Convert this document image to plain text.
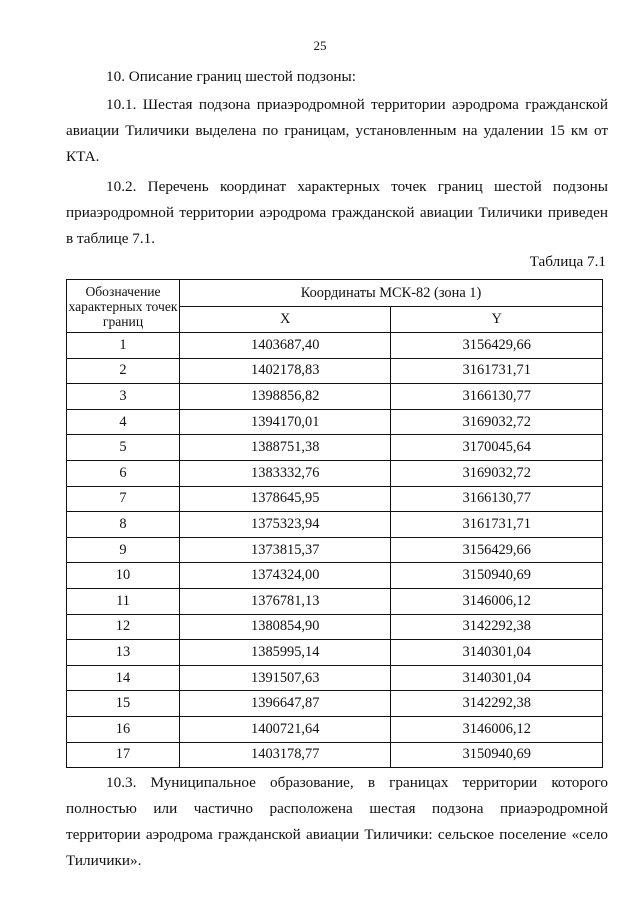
25

10. Описание границ шестой подзоны:

10.1. Шестая подзона приаэродромной территории аэродрома гражданской авиации Тиличики выделена по границам, установленным на удалении 15 км от КТА.

10.2. Перечень координат характерных точек границ шестой подзоны приаэродромной территории аэродрома гражданской авиации Тиличики приведен в таблице 7.1.

Таблица 7.1
Обозначение характерных точек границ	Координаты МСК-82 (зона 1)	
	X	Y
1	1403687,40	3156429,66
2	1402178,83	3161731,71
3	1398856,82	3166130,77
4	1394170,01	3169032,72
5	1388751,38	3170045,64
6	1383332,76	3169032,72
7	1378645,95	3166130,77
8	1375323,94	3161731,71
9	1373815,37	3156429,66
10	1374324,00	3150940,69
11	1376781,13	3146006,12
12	1380854,90	3142292,38
13	1385995,14	3140301,04
14	1391507,63	3140301,04
15	1396647,87	3142292,38
16	1400721,64	3146006,12
17	1403178,77	3150940,69

10.3. Муниципальное образование, в границах территории которого полностью или частично расположена шестая подзона приаэродромной территории аэродрома гражданской авиации Тиличики: сельское поселение «село Тиличики».
